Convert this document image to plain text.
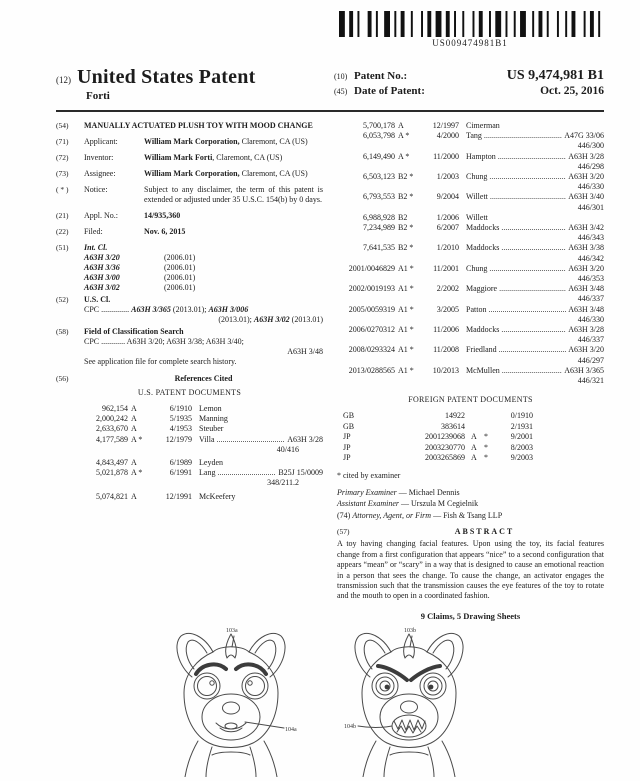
US009474981B1
(12) United States Patent
Forti
(10) Patent No.:	US 9,474,981 B1
(45) Date of Patent:	Oct. 25, 2016
(54)	MANUALLY ACTUATED PLUSH TOY WITH MOOD CHANGE
(71)	Applicant:	William Mark Corporation, Claremont, CA (US)
(72)	Inventor:	William Mark Forti, Claremont, CA (US)
(73)	Assignee:	William Mark Corporation, Claremont, CA (US)
( * )	Notice:	Subject to any disclaimer, the term of this patent is extended or adjusted under 35 U.S.C. 154(b) by 0 days.
(21)	Appl. No.:	14/935,360
(22)	Filed:	Nov. 6, 2015
(51)	Int. Cl.
A63H 3/20	(2006.01)
A63H 3/36	(2006.01)
A63H 3/00	(2006.01)
A63H 3/02	(2006.01)
(52)	U.S. Cl.
CPC .............. A63H 3/365 (2013.01); A63H 3/006
(2013.01); A63H 3/02 (2013.01)
(58)	Field of Classification Search
CPC ............ A63H 3/20; A63H 3/38; A63H 3/40;
A63H 3/48
See application file for complete search history.
(56)	References Cited
U.S. PATENT DOCUMENTS
962,154 A	6/1910 Lemon
2,000,242 A	5/1935 Manning
2,633,670 A	4/1953 Steuber
4,177,589 A *	12/1979 Villa .....	A63H 3/28
40/416
4,843,497 A	6/1989 Leyden
5,021,878 A *	6/1991 Lang .....	B25J 15/0009
348/211.2
5,074,821 A	12/1991 McKeefery
5,700,178 A	12/1997 Cimerman
6,053,798 A *	4/2000 Tang .....	A47G 33/06
446/300
6,149,490 A *	11/2000 Hampton .....	A63H 3/28
446/298
6,503,123 B2 *	1/2003 Chung .....	A63H 3/20
446/330
6,793,553 B2 *	9/2004 Willett .....	A63H 3/40
446/301
6,988,928 B2	1/2006 Willett
7,234,989 B2 *	6/2007 Maddocks .....	A63H 3/42
446/343
7,641,535 B2 *	1/2010 Maddocks .....	A63H 3/38
446/342
2001/0046829 A1 *	11/2001 Chung .....	A63H 3/20
446/353
2002/0019193 A1 *	2/2002 Maggiore .....	A63H 3/48
446/337
2005/0059319 A1 *	3/2005 Patton .....	A63H 3/48
446/330
2006/0270312 A1 *	11/2006 Maddocks .....	A63H 3/28
446/337
2008/0293324 A1 *	11/2008 Friedland .....	A63H 3/20
446/297
2013/0288565 A1 *	10/2013 McMullen .....	A63H 3/365
446/321
FOREIGN PATENT DOCUMENTS
GB	14922	0/1910
GB	383614	2/1931
JP	2001239068 A *	9/2001
JP	2003230770 A *	8/2003
JP	2003265869 A *	9/2003
* cited by examiner
Primary Examiner — Michael Dennis
Assistant Examiner — Urszula M Cegielnik
(74) Attorney, Agent, or Firm — Fish & Tsang LLP
(57)	ABSTRACT
A toy having changing facial features. Upon using the toy, its facial features change from a first configuration that appears “nice” to a second configuration that appears “mean” or “scary” in a way that is designed to cause an emotional reaction in a person that sees the change. To cause the change, an activator engages the transmission such that the transmission causes the eye features of the toy to rotate and the mouth to open in a coordinated fashion.
9 Claims, 5 Drawing Sheets
103a
104a
103b
104b
